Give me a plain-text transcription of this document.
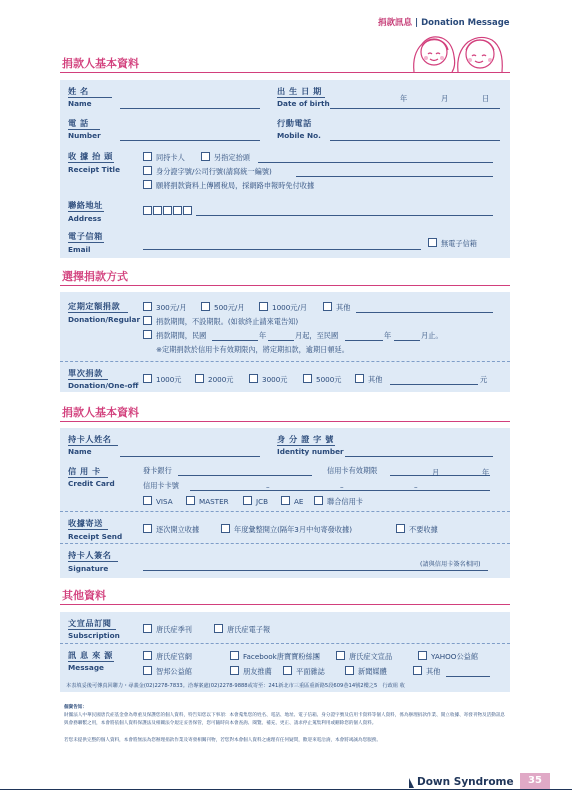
捐款訊息 | Donation Message
捐款人基本資料
姓 名
Name
出 生 日 期
Date of birth
年	月	日
電 話
Number
行動電話
Mobile No.
收 據 抬 頭
Receipt Title
同持卡人	另指定抬頭
身分證字號/公司行號(請寫統一編號)
願將捐款資料上傳國稅局，採網路申報時免付收據
聯絡地址
Address
電子信箱
Email
無電子信箱
選擇捐款方式
定期定額捐款
Donation/Regular
300元/月	500元/月	1000元/月	其他
捐款期間，不設期限。(如欲終止請來電告知)
捐款期間，民國	年	月起，至民國	年	月止。
※定期捐款於信用卡有效期限內，將定期扣款，逾期日頓延。
單次捐款
Donation/One-off
1000元	2000元	3000元	5000元	其他	元
捐款人基本資料
持卡人姓名
Name
身 分 證 字 號
Identity number
信 用 卡
Credit Card
發卡銀行	信用卡有效期限	月	年
信用卡卡號	–	–	–
VISA	MASTER	JCB	AE	聯合信用卡
收據寄送
Receipt Send
逐次開立收據	年度彙整開立(隔年3月中旬寄發收據)	不要收據
持卡人簽名
Signature	(請與信用卡簽名相同)
其他資料
文宣品訂閱
Subscription
唐氏症季刊	唐氏症電子報
訊 息 來 源
Message
唐氏症官網	Facebook唐寶寶粉絲團	唐氏症文宣品	YAHOO公益館
智邦公益館	朋友推薦	平面雜誌	新聞媒體	其他
本表填妥後可傳真回聯力・尋義金(02)2278-7833。洽專案處(02)2278-9888或寄至：241新北市三重區重新路5段609巷14號2樓之5　行政組 收
個資告知：
財團法人中華民國唐氏症基金會為尊重及保護您的個人資料，特告知您以下事項：本會蒐集您的姓名、電話、地址、電子信箱、身分證字號及信用卡資料等個人資料，係為辦理捐款作業、開立收據、寄發刊物及活動訊息與會務聯繫之用，本會將依個人資料保護法及相關法令規定妥善保管，您可隨時向本會查詢、閱覽、補充、更正、請求停止蒐集利用或刪除您的個人資料。
若您未提供完整的個人資料，本會將無法為您辦理捐款作業及寄發相關刊物，若您對本會個人資料之處理有任何疑問，歡迎來電洽詢，本會將竭誠為您服務。
Down Syndrome	35
